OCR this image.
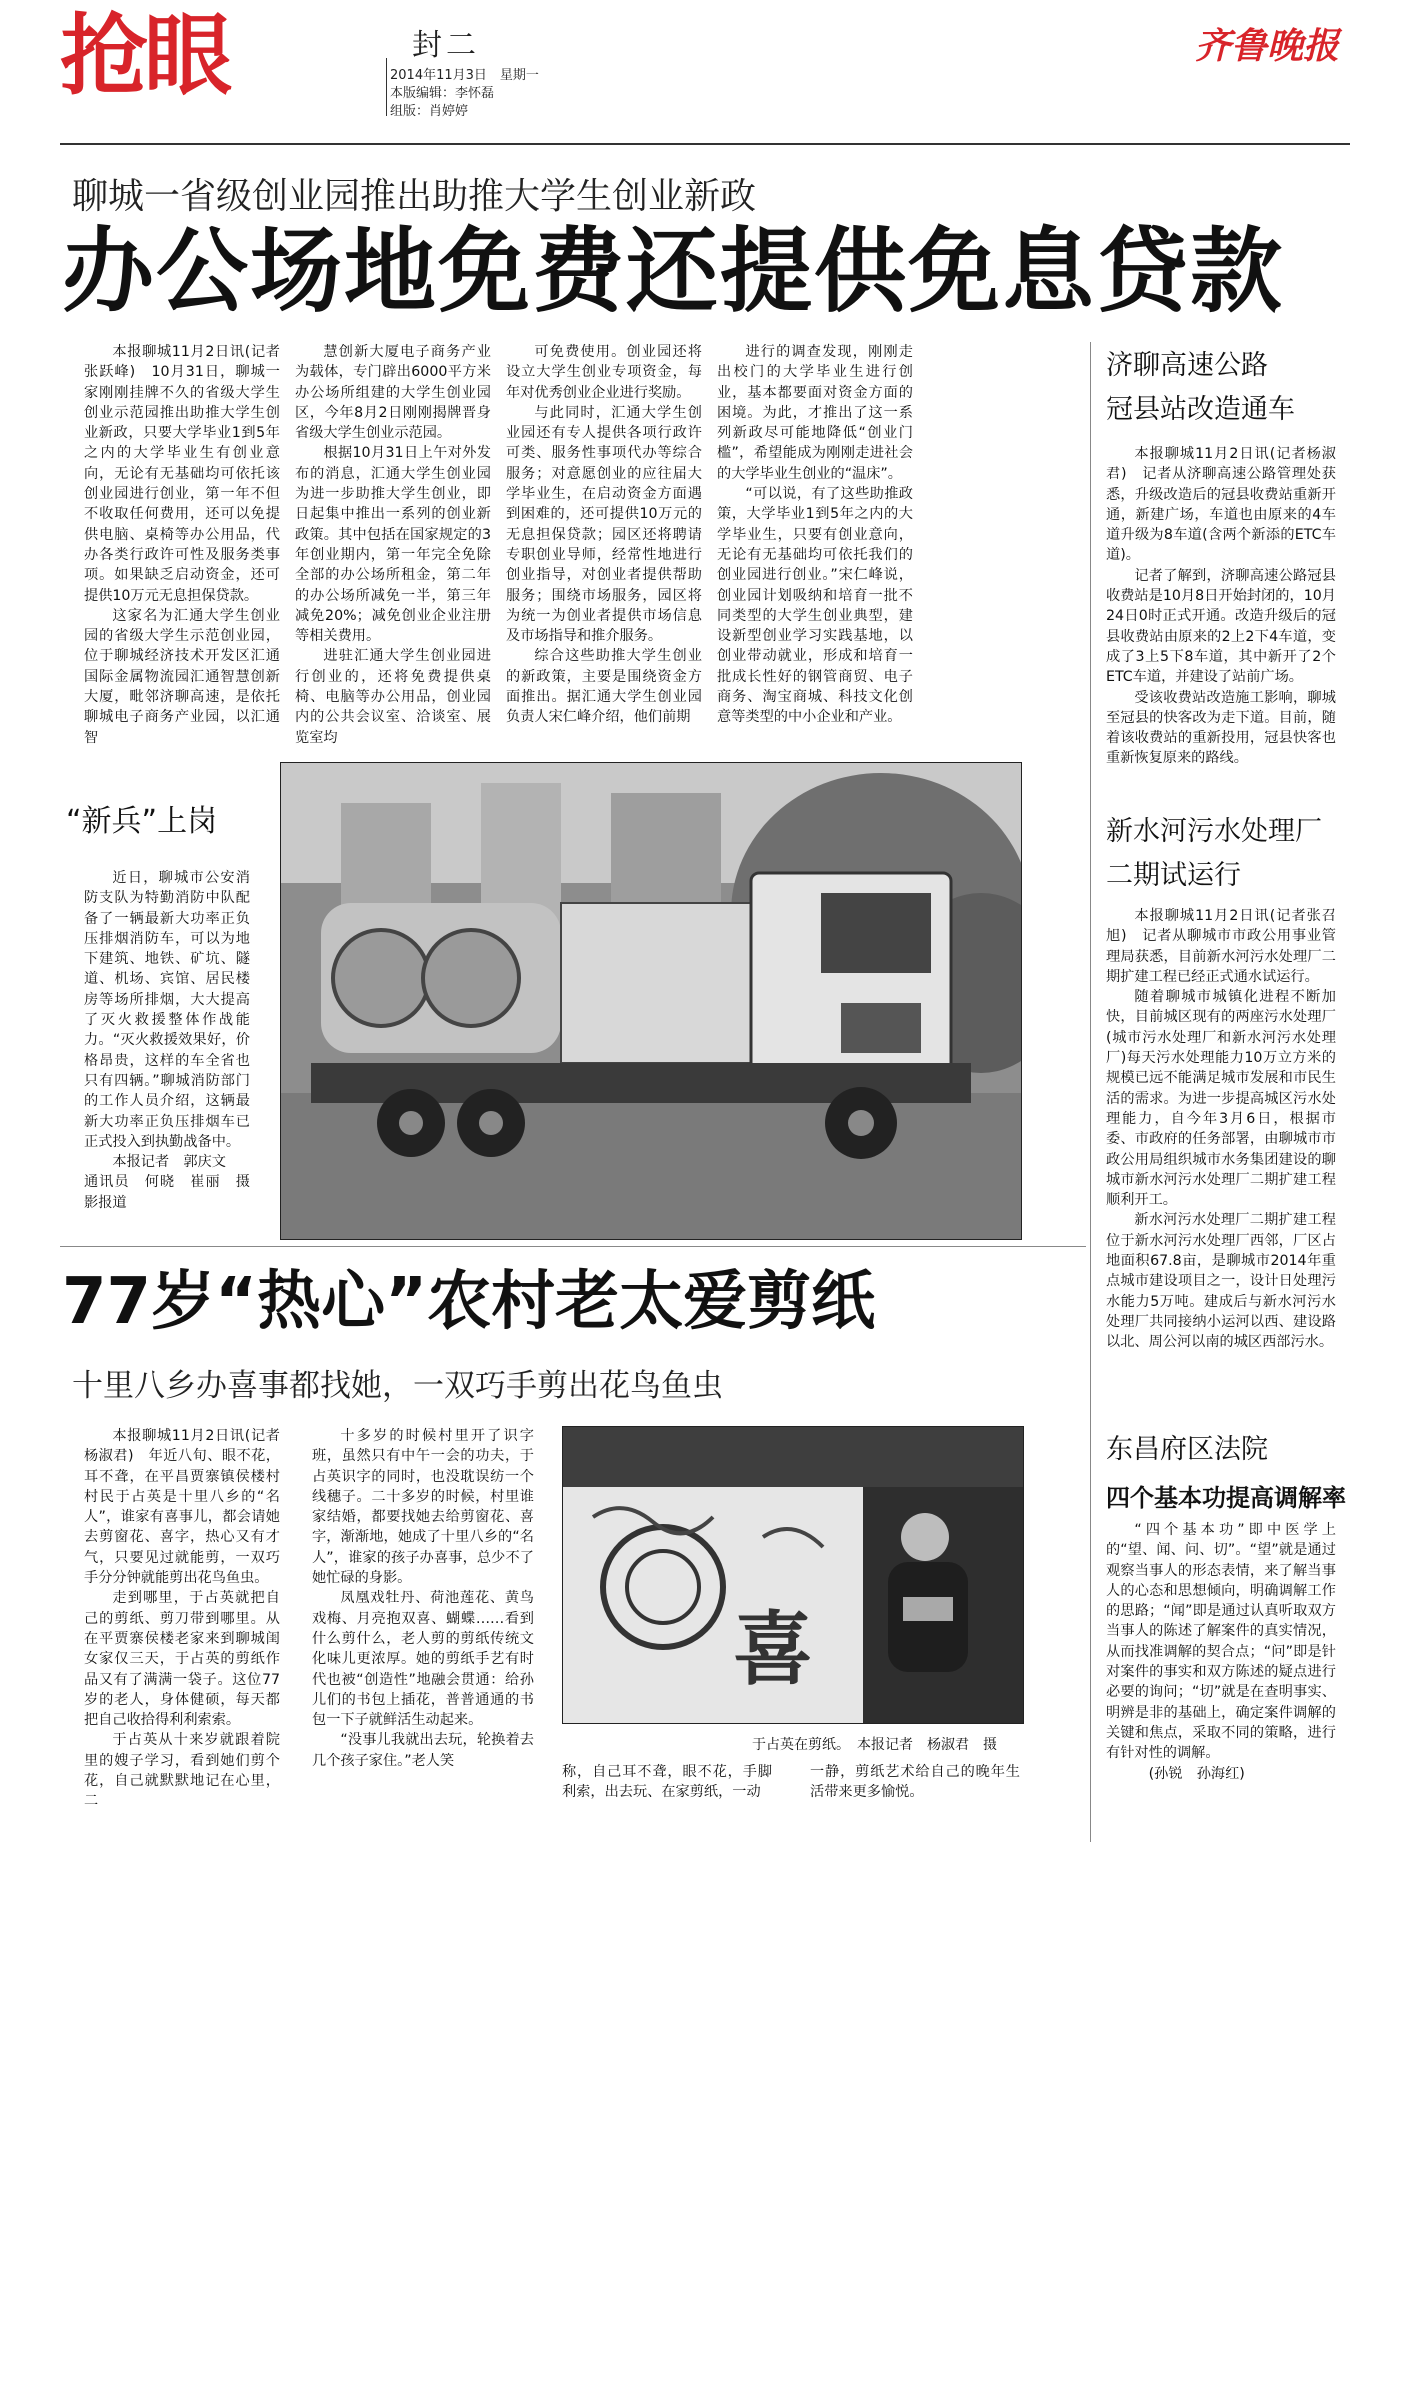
抢眼	封二
2014年11月3日　星期一
本版编辑：李怀磊
组版：肖婷婷
齐鲁晚报
聊城一省级创业园推出助推大学生创业新政
办公场地免费还提供免息贷款

本报聊城11月2日讯(记者张跃峰)　10月31日，聊城一家刚刚挂牌不久的省级大学生创业示范园推出助推大学生创业新政，只要大学毕业1到5年之内的大学毕业生有创业意向，无论有无基础均可依托该创业园进行创业，第一年不但不收取任何费用，还可以免提供电脑、桌椅等办公用品，代办各类行政许可性及服务类事项。如果缺乏启动资金，还可提供10万元无息担保贷款。

这家名为汇通大学生创业园的省级大学生示范创业园，位于聊城经济技术开发区汇通国际金属物流园汇通智慧创新大厦，毗邻济聊高速，是依托聊城电子商务产业园，以汇通智

慧创新大厦电子商务产业为载体，专门辟出6000平方米办公场所组建的大学生创业园区，今年8月2日刚刚揭牌晋身省级大学生创业示范园。

根据10月31日上午对外发布的消息，汇通大学生创业园为进一步助推大学生创业，即日起集中推出一系列的创业新政策。其中包括在国家规定的3年创业期内，第一年完全免除全部的办公场所租金，第二年的办公场所减免一半，第三年减免20%；减免创业企业注册等相关费用。

进驻汇通大学生创业园进行创业的，还将免费提供桌椅、电脑等办公用品，创业园内的公共会议室、洽谈室、展览室均

可免费使用。创业园还将设立大学生创业专项资金，每年对优秀创业企业进行奖励。

与此同时，汇通大学生创业园还有专人提供各项行政许可类、服务性事项代办等综合服务；对意愿创业的应往届大学毕业生，在启动资金方面遇到困难的，还可提供10万元的无息担保贷款；园区还将聘请专职创业导师，经常性地进行创业指导，对创业者提供帮助服务；围绕市场服务，园区将为统一为创业者提供市场信息及市场指导和推介服务。

综合这些助推大学生创业的新政策，主要是围绕资金方面推出。据汇通大学生创业园负责人宋仁峰介绍，他们前期

进行的调查发现，刚刚走出校门的大学毕业生进行创业，基本都要面对资金方面的困境。为此，才推出了这一系列新政尽可能地降低“创业门槛”，希望能成为刚刚走进社会的大学毕业生创业的“温床”。

“可以说，有了这些助推政策，大学毕业1到5年之内的大学毕业生，只要有创业意向，无论有无基础均可依托我们的创业园进行创业。”宋仁峰说，创业园计划吸纳和培育一批不同类型的大学生创业典型，建设新型创业学习实践基地，以创业带动就业，形成和培育一批成长性好的钢管商贸、电子商务、淘宝商城、科技文化创意等类型的中小企业和产业。

济聊高速公路
冠县站改造通车

本报聊城11月2日讯(记者杨淑君)　记者从济聊高速公路管理处获悉，升级改造后的冠县收费站重新开通，新建广场，车道也由原来的4车道升级为8车道(含两个新添的ETC车道)。

记者了解到，济聊高速公路冠县收费站是10月8日开始封闭的，10月24日0时正式开通。改造升级后的冠县收费站由原来的2上2下4车道，变成了3上5下8车道，其中新开了2个ETC车道，并建设了站前广场。

受该收费站改造施工影响，聊城至冠县的快客改为走下道。目前，随着该收费站的重新投用，冠县快客也重新恢复原来的路线。

“新兵”上岗

近日，聊城市公安消防支队为特勤消防中队配备了一辆最新大功率正负压排烟消防车，可以为地下建筑、地铁、矿坑、隧道、机场、宾馆、居民楼房等场所排烟，大大提高了灭火救援整体作战能力。“灭火救援效果好，价格昂贵，这样的车全省也只有四辆。”聊城消防部门的工作人员介绍，这辆最新大功率正负压排烟车已正式投入到执勤战备中。

本报记者　郭庆文

通讯员　何晓　崔丽　摄影报道

新水河污水处理厂
二期试运行

本报聊城11月2日讯(记者张召旭)　记者从聊城市市政公用事业管理局获悉，目前新水河污水处理厂二期扩建工程已经正式通水试运行。

随着聊城市城镇化进程不断加快，目前城区现有的两座污水处理厂(城市污水处理厂和新水河污水处理厂)每天污水处理能力10万立方米的规模已远不能满足城市发展和市民生活的需求。为进一步提高城区污水处理能力，自今年3月6日，根据市委、市政府的任务部署，由聊城市市政公用局组织城市水务集团建设的聊城市新水河污水处理厂二期扩建工程顺利开工。

新水河污水处理厂二期扩建工程位于新水河污水处理厂西邻，厂区占地面积67.8亩，是聊城市2014年重点城市建设项目之一，设计日处理污水能力5万吨。建成后与新水河污水处理厂共同接纳小运河以西、建设路以北、周公河以南的城区西部污水。

77岁“热心”农村老太爱剪纸
十里八乡办喜事都找她，一双巧手剪出花鸟鱼虫

本报聊城11月2日讯(记者杨淑君)　年近八旬、眼不花，耳不聋，在平昌贾寨镇侯楼村村民于占英是十里八乡的“名人”，谁家有喜事儿，都会请她去剪窗花、喜字，热心又有才气，只要见过就能剪，一双巧手分分钟就能剪出花鸟鱼虫。

走到哪里，于占英就把自己的剪纸、剪刀带到哪里。从在平贾寨侯楼老家来到聊城闺女家仅三天，于占英的剪纸作品又有了满满一袋子。这位77岁的老人，身体健硕，每天都把自己收拾得利利索索。

于占英从十来岁就跟着院里的嫂子学习，看到她们剪个花，自己就默默地记在心里，二

十多岁的时候村里开了识字班，虽然只有中午一会的功夫，于占英识字的同时，也没耽误纺一个线穗子。二十多岁的时候，村里谁家结婚，都要找她去给剪窗花、喜字，渐渐地，她成了十里八乡的“名人”，谁家的孩子办喜事，总少不了她忙碌的身影。

凤凰戏牡丹、荷池莲花、黄鸟戏梅、月亮抱双喜、蝴蝶……看到什么剪什么，老人剪的剪纸传统文化味儿更浓厚。她的剪纸手艺有时代也被“创造性”地融会贯通：给孙儿们的书包上插花，普普通通的书包一下子就鲜活生动起来。

“没事儿我就出去玩，轮换着去几个孩子家住。”老人笑

喜
于占英在剪纸。　本报记者　杨淑君　摄

称，自己耳不聋，眼不花，手脚利索，出去玩、在家剪纸，一动

一静，剪纸艺术给自己的晚年生活带来更多愉悦。

东昌府区法院
四个基本功提高调解率

“四个基本功”即中医学上的“望、闻、问、切”。“望”就是通过观察当事人的形态表情，来了解当事人的心态和思想倾向，明确调解工作的思路；“闻”即是通过认真听取双方当事人的陈述了解案件的真实情况，从而找准调解的契合点；“问”即是针对案件的事实和双方陈述的疑点进行必要的询问；“切”就是在查明事实、明辨是非的基础上，确定案件调解的关键和焦点，采取不同的策略，进行有针对性的调解。

(孙锐　孙海红)
